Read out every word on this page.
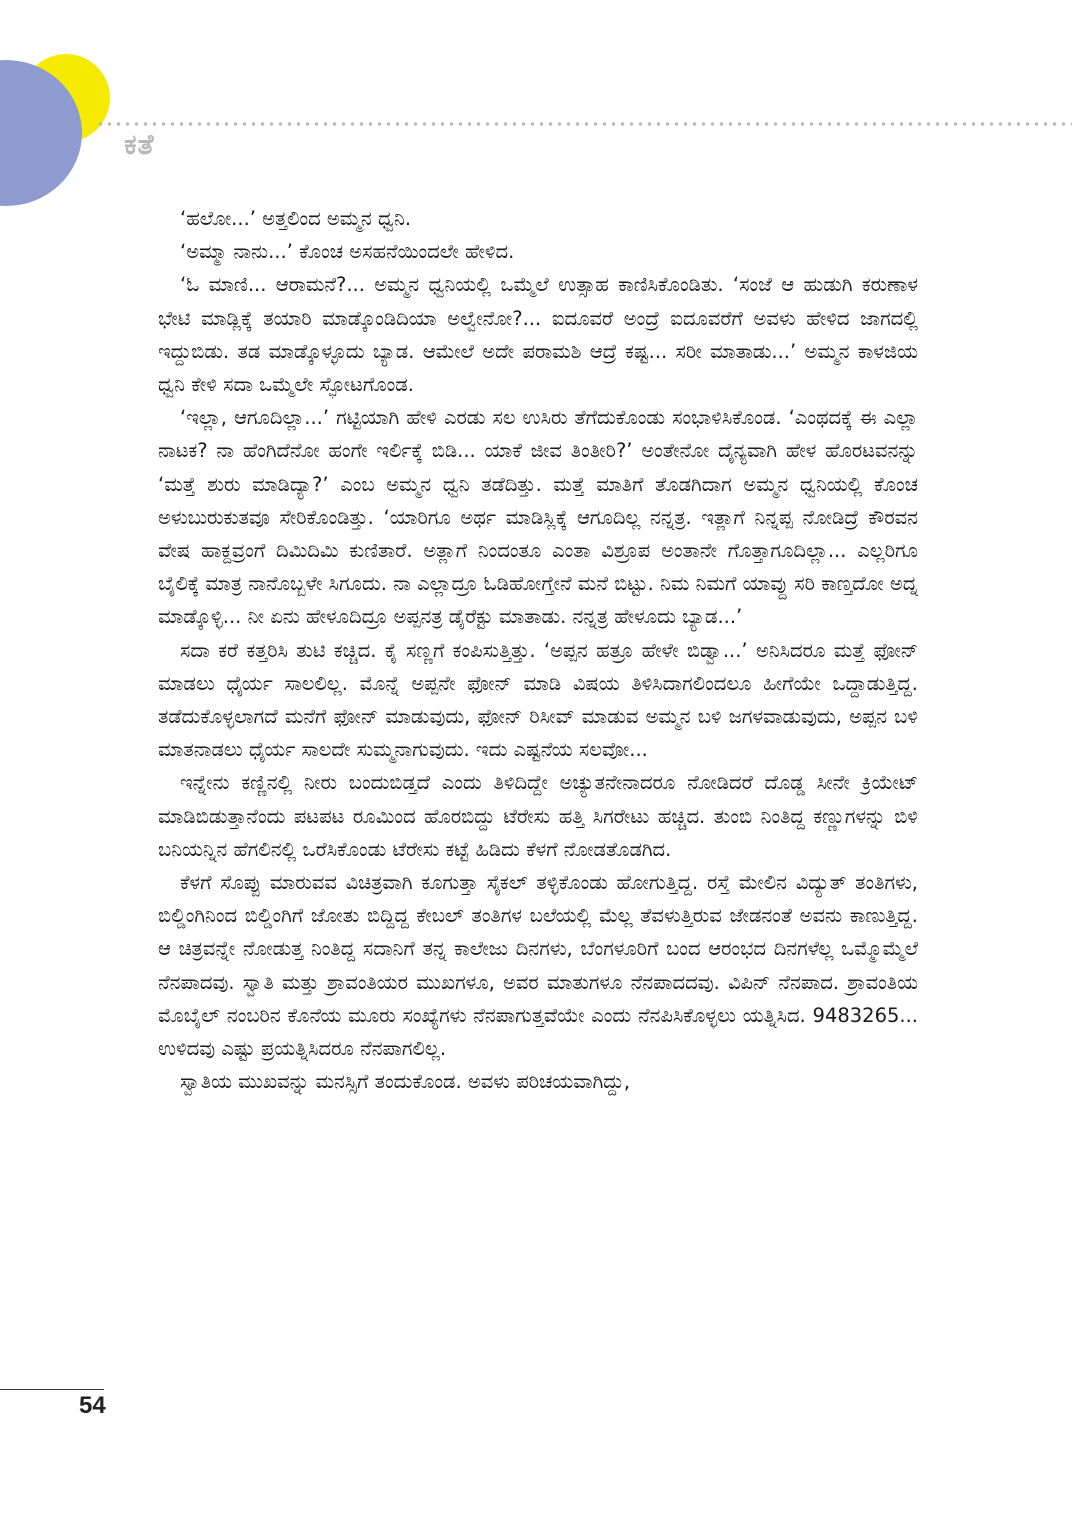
ಕತೆ

‘ಹಲೋ...’ ಅತ್ತಲಿಂದ ಅಮ್ಮನ ಧ್ವನಿ.

‘ಅಮ್ಮಾ ನಾನು...’ ಕೊಂಚ ಅಸಹನೆಯಿಂದಲೇ ಹೇಳಿದ.

‘ಓ ಮಾಣಿ... ಆರಾಮನೆ?... ಅಮ್ಮನ ಧ್ವನಿಯಲ್ಲಿ ಒಮ್ಮೆಲೆ ಉತ್ಸಾಹ ಕಾಣಿಸಿಕೊಂಡಿತು. ‘ಸಂಜೆ ಆ ಹುಡುಗಿ ಕರುಣಾಳ ಭೇಟಿ ಮಾಡ್ಲಿಕ್ಕೆ ತಯಾರಿ ಮಾಡ್ಕೊಂಡಿದಿಯಾ ಅಲ್ವೇನೋ?... ಐದೂವರೆ ಅಂದ್ರೆ ಐದೂವರೆಗೆ ಅವಳು ಹೇಳಿದ ಜಾಗದಲ್ಲಿ ಇದ್ದುಬಿಡು. ತಡ ಮಾಡ್ಕೊಳ್ಳೂದು ಬ್ಯಾಡ. ಆಮೇಲೆ ಅದೇ ಪರಾಮಶಿ ಆದ್ರೆ ಕಷ್ಟ... ಸರೀ ಮಾತಾಡು...’ ಅಮ್ಮನ ಕಾಳಜಿಯ ಧ್ವನಿ ಕೇಳಿ ಸದಾ ಒಮ್ಮೆಲೇ ಸ್ಫೋಟಗೊಂಡ.

‘ಇಲ್ಲಾ, ಆಗೂದಿಲ್ಲಾ...’ ಗಟ್ಟಿಯಾಗಿ ಹೇಳಿ ಎರಡು ಸಲ ಉಸಿರು ತೆಗೆದುಕೊಂಡು ಸಂಭಾಳಿಸಿಕೊಂಡ. ‘ಎಂಥದಕ್ಕೆ ಈ ಎಲ್ಲಾ ನಾಟಕ? ನಾ ಹೆಂಗಿದೆನೋ ಹಂಗೇ ಇರ್ಲಿಕ್ಕೆ ಬಿಡಿ... ಯಾಕೆ ಜೀವ ತಿಂತೀರಿ?’ ಅಂತೇನೋ ದೈನ್ಯವಾಗಿ ಹೇಳ ಹೊರಟವನನ್ನು ‘ಮತ್ತೆ ಶುರು ಮಾಡಿದ್ಯಾ?’ ಎಂಬ ಅಮ್ಮನ ಧ್ವನಿ ತಡೆದಿತ್ತು. ಮತ್ತೆ ಮಾತಿಗೆ ತೊಡಗಿದಾಗ ಅಮ್ಮನ ಧ್ವನಿಯಲ್ಲಿ ಕೊಂಚ ಅಳುಬುರುಕುತವೂ ಸೇರಿಕೊಂಡಿತ್ತು. ‘ಯಾರಿಗೂ ಅರ್ಥ ಮಾಡಿಸ್ಲಿಕ್ಕೆ ಆಗೂದಿಲ್ಲ ನನ್ನತ್ರ. ಇತ್ಲಾಗೆ ನಿನ್ನಪ್ಪ ನೋಡಿದ್ರೆ ಕೌರವನ ವೇಷ ಹಾಕ್ದವ್ರಂಗೆ ದಿಮಿದಿಮಿ ಕುಣಿತಾರೆ. ಅತ್ಲಾಗೆ ನಿಂದಂತೂ ಎಂತಾ ವಿಶ್ರೂಪ ಅಂತಾನೇ ಗೊತ್ತಾಗೂದಿಲ್ಲಾ... ಎಲ್ಲರಿಗೂ ಬೈಲಿಕ್ಕೆ ಮಾತ್ರ ನಾನೊಬ್ಬಳೇ ಸಿಗೂದು. ನಾ ಎಲ್ಲಾದ್ರೂ ಓಡಿಹೋಗ್ತೇನೆ ಮನೆ ಬಿಟ್ಟು. ನಿಮ ನಿಮಗೆ ಯಾವ್ದು ಸರಿ ಕಾಣ್ತದೋ ಅದ್ನ ಮಾಡ್ಕೊಳ್ಳಿ... ನೀ ಏನು ಹೇಳೂದಿದ್ರೂ ಅಪ್ಪನತ್ರ ಡೈರೆಕ್ಟು ಮಾತಾಡು. ನನ್ನತ್ರ ಹೇಳೂದು ಬ್ಯಾಡ...’

ಸದಾ ಕರೆ ಕತ್ತರಿಸಿ ತುಟಿ ಕಚ್ಚಿದ. ಕೈ ಸಣ್ಣಗೆ ಕಂಪಿಸುತ್ತಿತ್ತು. ‘ಅಪ್ಪನ ಹತ್ರೂ ಹೇಳೇ ಬಿಡ್ವಾ...’ ಅನಿಸಿದರೂ ಮತ್ತೆ ಫೋನ್ ಮಾಡಲು ಧೈರ್ಯ ಸಾಲಲಿಲ್ಲ. ಮೊನ್ನೆ ಅಪ್ಪನೇ ಫೋನ್ ಮಾಡಿ ವಿಷಯ ತಿಳಿಸಿದಾಗಲಿಂದಲೂ ಹೀಗೆಯೇ ಒದ್ದಾಡುತ್ತಿದ್ದ. ತಡೆದುಕೊಳ್ಳಲಾಗದೆ ಮನೆಗೆ ಫೋನ್ ಮಾಡುವುದು, ಫೋನ್ ರಿಸೀವ್ ಮಾಡುವ ಅಮ್ಮನ ಬಳಿ ಜಗಳವಾಡುವುದು, ಅಪ್ಪನ ಬಳಿ ಮಾತನಾಡಲು ಧೈರ್ಯ ಸಾಲದೇ ಸುಮ್ಮನಾಗುವುದು. ಇದು ಎಷ್ಟನೆಯ ಸಲವೋ...

ಇನ್ನೇನು ಕಣ್ಣಿನಲ್ಲಿ ನೀರು ಬಂದುಬಿಡ್ತದೆ ಎಂದು ತಿಳಿದಿದ್ದೇ ಅಚ್ಯುತನೇನಾದರೂ ನೋಡಿದರೆ ದೊಡ್ಡ ಸೀನೇ ಕ್ರಿಯೇಟ್ ಮಾಡಿಬಿಡುತ್ತಾನೆಂದು ಪಟಪಟ ರೂಮಿಂದ ಹೊರಬಿದ್ದು ಟೆರೇಸು ಹತ್ತಿ ಸಿಗರೇಟು ಹಚ್ಚಿದ. ತುಂಬಿ ನಿಂತಿದ್ದ ಕಣ್ಣುಗಳನ್ನು ಬಿಳಿ ಬನಿಯನ್ನಿನ ಹೆಗಲಿನಲ್ಲಿ ಒರೆಸಿಕೊಂಡು ಟೆರೇಸು ಕಟ್ಟೆ ಹಿಡಿದು ಕೆಳಗೆ ನೋಡತೊಡಗಿದ.

ಕೆಳಗೆ ಸೊಪ್ಪು ಮಾರುವವ ವಿಚಿತ್ರವಾಗಿ ಕೂಗುತ್ತಾ ಸೈಕಲ್ ತಳ್ಳಿಕೊಂಡು ಹೋಗುತ್ತಿದ್ದ. ರಸ್ತೆ ಮೇಲಿನ ವಿದ್ಯುತ್ ತಂತಿಗಳು, ಬಿಲ್ಡಿಂಗಿನಿಂದ ಬಿಲ್ಡಿಂಗಿಗೆ ಜೋತು ಬಿದ್ದಿದ್ದ ಕೇಬಲ್ ತಂತಿಗಳ ಬಲೆಯಲ್ಲಿ ಮೆಲ್ಲ ತೆವಳುತ್ತಿರುವ ಜೇಡನಂತೆ ಅವನು ಕಾಣುತ್ತಿದ್ದ. ಆ ಚಿತ್ರವನ್ನೇ ನೋಡುತ್ತ ನಿಂತಿದ್ದ ಸದಾನಿಗೆ ತನ್ನ ಕಾಲೇಜು ದಿನಗಳು, ಬೆಂಗಳೂರಿಗೆ ಬಂದ ಆರಂಭದ ದಿನಗಳೆಲ್ಲ ಒಮ್ಮೊಮ್ಮೆಲೆ ನೆನಪಾದವು. ಸ್ವಾತಿ ಮತ್ತು ಶ್ರಾವಂತಿಯರ ಮುಖಗಳೂ, ಅವರ ಮಾತುಗಳೂ ನೆನಪಾದದವು. ವಿಪಿನ್ ನೆನಪಾದ. ಶ್ರಾವಂತಿಯ ಮೊಬೈಲ್ ನಂಬರಿನ ಕೊನೆಯ ಮೂರು ಸಂಖ್ಯೆಗಳು ನೆನಪಾಗುತ್ತವೆಯೇ ಎಂದು ನೆನಪಿಸಿಕೊಳ್ಳಲು ಯತ್ನಿಸಿದ. 9483265... ಉಳಿದವು ಎಷ್ಟು ಪ್ರಯತ್ನಿಸಿದರೂ ನೆನಪಾಗಲಿಲ್ಲ.

ಸ್ವಾತಿಯ ಮುಖವನ್ನು ಮನಸ್ಸಿಗೆ ತಂದುಕೊಂಡ. ಅವಳು ಪರಿಚಯವಾಗಿದ್ದು,

54
